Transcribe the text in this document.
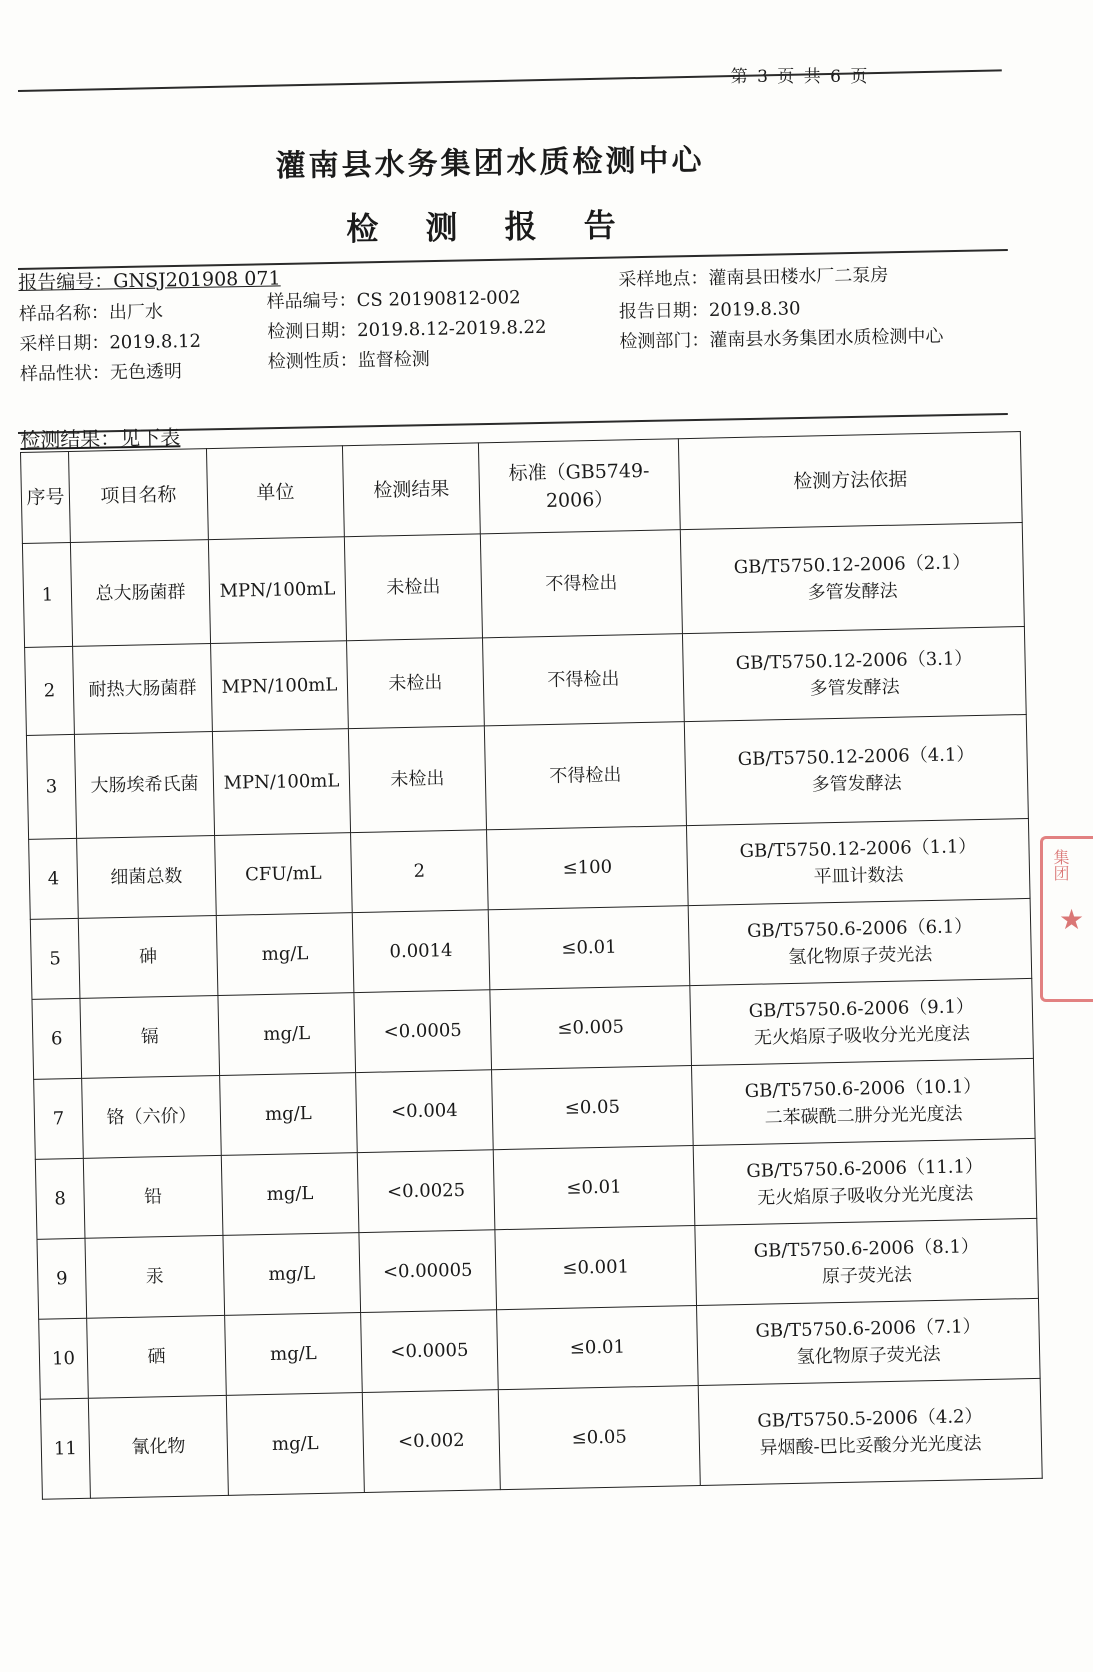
第 3 页 共 6 页
灌南县水务集团水质检测中心
检 测 报 告
报告编号：GNSJ201908 071
样品名称：出厂水
采样日期：2019.8.12
样品性状：无色透明
样品编号：CS 20190812-002
检测日期：2019.8.12-2019.8.22
检测性质：监督检测
采样地点：灌南县田楼水厂二泵房
报告日期：2019.8.30
检测部门：灌南县水务集团水质检测中心
检测结果：见下表
序号	项目名称	单位	检测结果	标准（GB5749-2006）	检测方法依据
1	总大肠菌群	MPN/100mL	未检出	不得检出	GB/T5750.12-2006（2.1）
多管发酵法

2	耐热大肠菌群	MPN/100mL	未检出	不得检出	GB/T5750.12-2006（3.1）
多管发酵法

3	大肠埃希氏菌	MPN/100mL	未检出	不得检出	GB/T5750.12-2006（4.1）
多管发酵法

4	细菌总数	CFU/mL	2	≤100	GB/T5750.12-2006（1.1）
平皿计数法

5	砷	mg/L	0.0014	≤0.01	GB/T5750.6-2006（6.1）
氢化物原子荧光法

6	镉	mg/L	<0.0005	≤0.005	GB/T5750.6-2006（9.1）
无火焰原子吸收分光光度法

7	铬（六价）	mg/L	<0.004	≤0.05	GB/T5750.6-2006（10.1）
二苯碳酰二肼分光光度法

8	铅	mg/L	<0.0025	≤0.01	GB/T5750.6-2006（11.1）
无火焰原子吸收分光光度法

9	汞	mg/L	<0.00005	≤0.001	GB/T5750.6-2006（8.1）
原子荧光法

10	硒	mg/L	<0.0005	≤0.01	GB/T5750.6-2006（7.1）
氢化物原子荧光法

11	氰化物	mg/L	<0.002	≤0.05	GB/T5750.5-2006（4.2）
异烟酸-巴比妥酸分光光度法
集团
★
